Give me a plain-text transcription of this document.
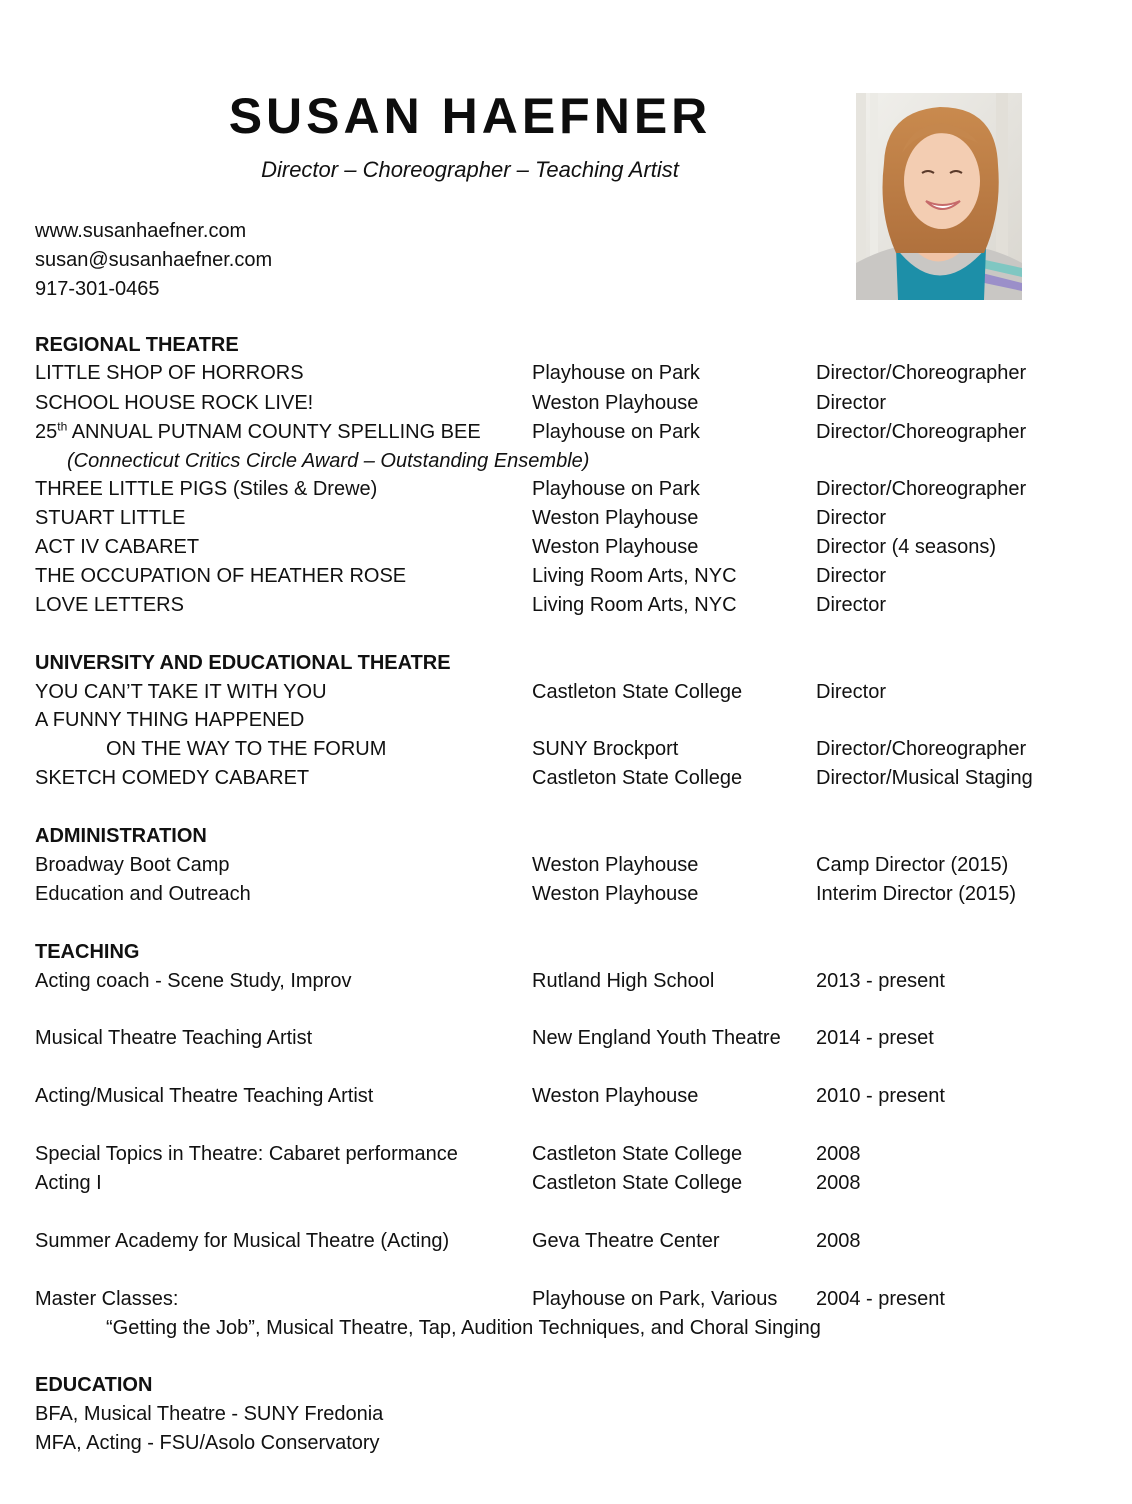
SUSAN HAEFNER
Director – Choreographer – Teaching Artist
www.susanhaefner.com
susan@susanhaefner.com
917-301-0465
REGIONAL THEATRE
LITTLE SHOP OF HORRORS	Playhouse on Park	Director/Choreographer
SCHOOL HOUSE ROCK LIVE!	Weston Playhouse	Director
25th ANNUAL PUTNAM COUNTY SPELLING BEE	Playhouse on Park	Director/Choreographer
(Connecticut Critics Circle Award – Outstanding Ensemble)
THREE LITTLE PIGS (Stiles & Drewe)	Playhouse on Park	Director/Choreographer
STUART LITTLE	Weston Playhouse	Director
ACT IV CABARET	Weston Playhouse	Director (4 seasons)
THE OCCUPATION OF HEATHER ROSE	Living Room Arts, NYC	Director
LOVE LETTERS	Living Room Arts, NYC	Director
UNIVERSITY AND EDUCATIONAL THEATRE
YOU CAN’T TAKE IT WITH YOU	Castleton State College	Director
A FUNNY THING HAPPENED
ON THE WAY TO THE FORUM	SUNY Brockport	Director/Choreographer
SKETCH COMEDY CABARET	Castleton State College	Director/Musical Staging
ADMINISTRATION
Broadway Boot Camp	Weston Playhouse	Camp Director (2015)
Education and Outreach	Weston Playhouse	Interim Director (2015)
TEACHING
Acting coach - Scene Study, Improv	Rutland High School	2013 - present
Musical Theatre Teaching Artist	New England Youth Theatre 2014 - preset
Acting/Musical Theatre Teaching Artist	Weston Playhouse	2010 - present
Special Topics in Theatre: Cabaret performance	Castleton State College	2008
Acting I	Castleton State College	2008
Summer Academy for Musical Theatre (Acting)	Geva Theatre Center	2008
Master Classes:	Playhouse on Park, Various 2004 - present
“Getting the Job”, Musical Theatre, Tap, Audition Techniques, and Choral Singing
EDUCATION
BFA, Musical Theatre - SUNY Fredonia
MFA, Acting - FSU/Asolo Conservatory
